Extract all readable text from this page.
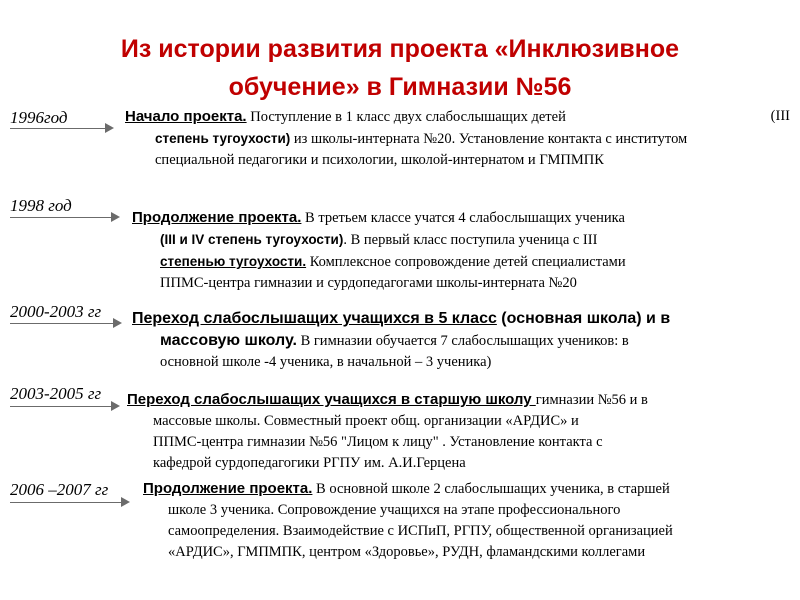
Из истории развития проекта «Инклюзивное
обучение» в Гимназии №56
1996год	Начало проекта. Поступление в 1 класс двух слабослышащих детей	(III
степень тугоухости) из школы-интерната №20. Установление контакта с институтом
специальной педагогики и психологии, школой-интернатом и ГМПМПК
1998 год
Продолжение проекта. В третьем классе учатся 4 слабослышащих ученика
(III и IV степень тугоухости). В первый класс поступила ученица с III
степенью тугоухости. Комплексное сопровождение детей специалистами
ППМС-центра гимназии и сурдопедагогами школы-интерната №20
2000-2003 гг Переход слабослышащих учащихся в 5 класс (основная школа) и в
массовую школу. В гимназии обучается 7 слабослышащих учеников: в
основной школе -4 ученика, в начальной – 3 ученика)
2003-2005 гг Переход слабослышащих учащихся в старшую школу гимназии №56 и в
массовые школы. Совместный проект общ. организации «АРДИС» и
ППМС-центра гимназии №56 "Лицом к лицу" . Установление контакта с
кафедрой сурдопедагогики РГПУ им. А.И.Герцена
2006 –2007 гг Продолжение проекта. В основной школе 2 слабослышащих ученика, в старшей
школе 3 ученика. Сопровождение учащихся на этапе профессионального
самоопределения. Взаимодействие с ИСПиП, РГПУ, общественной организацией
«АРДИС», ГМПМПК, центром «Здоровье», РУДН, фламандскими коллегами
